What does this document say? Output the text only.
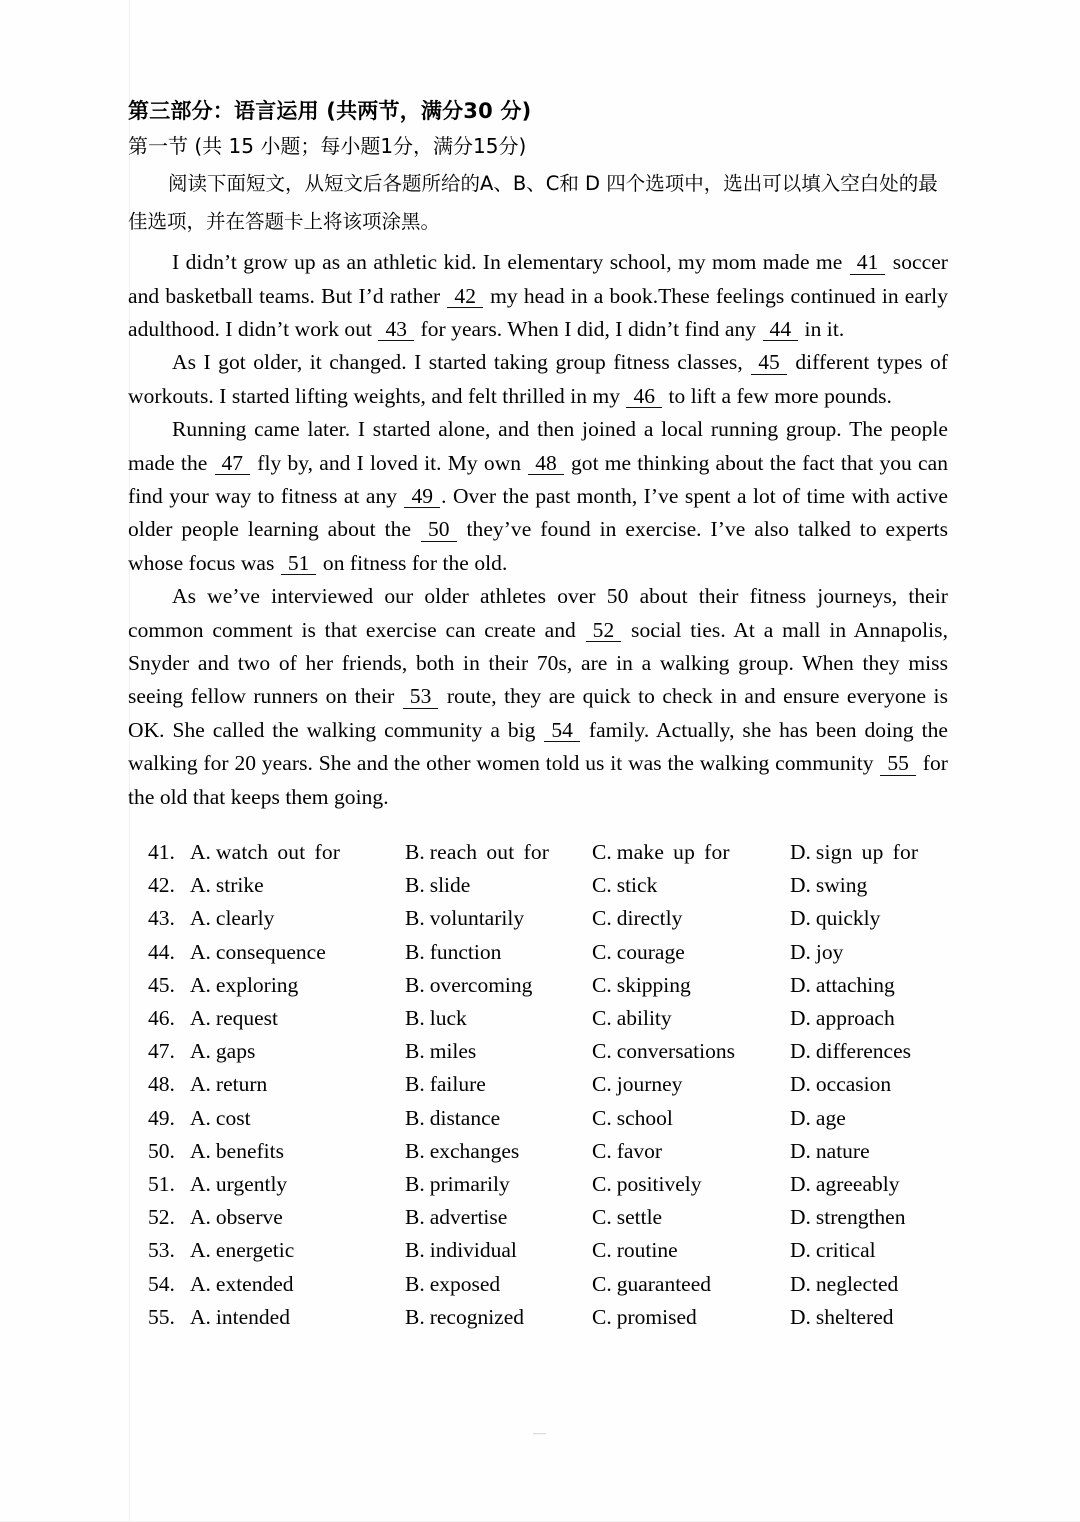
第三部分：语言运用 (共两节，满分30 分)
第一节 (共 15 小题；每小题1分，满分15分)

阅读下面短文，从短文后各题所给的A、B、C和 D 四个选项中，选出可以填入空白处的最

佳选项，并在答题卡上将该项涂黑。

I didn’t grow up as an athletic kid. In elementary school, my mom made me 41 soccer and basketball teams. But I’d rather 42 my head in a book.These feelings continued in early adulthood. I didn’t work out 43 for years. When I did, I didn’t find any 44 in it.

As I got older, it changed. I started taking group fitness classes, 45 different types of workouts. I started lifting weights, and felt thrilled in my 46 to lift a few more pounds.

Running came later. I started alone, and then joined a local running group. The people made the 47 fly by, and I loved it. My own 48 got me thinking about the fact that you can find your way to fitness at any 49 . Over the past month, I’ve spent a lot of time with active older people learning about the 50 they’ve found in exercise. I’ve also talked to experts whose focus was 51 on fitness for the old.

As we’ve interviewed our older athletes over 50 about their fitness journeys, their common comment is that exercise can create and 52 social ties. At a mall in Annapolis, Snyder and two of her friends, both in their 70s, are in a walking group. When they miss seeing fellow runners on their 53 route, they are quick to check in and ensure everyone is OK. She called the walking community a big 54 family. Actually, she has been doing the walking for 20 years. She and the other women told us it was the walking community 55 for the old that keeps them going.

41. A. watch out for	B. reach out for	C. make up for	D. sign up for
42. A. strike	B. slide	C. stick	D. swing
43. A. clearly	B. voluntarily	C. directly	D. quickly
44. A. consequence	B. function	C. courage	D. joy
45. A. exploring	B. overcoming	C. skipping	D. attaching
46. A. request	B. luck	C. ability	D. approach
47. A. gaps	B. miles	C. conversations	D. differences
48. A. return	B. failure	C. journey	D. occasion
49. A. cost	B. distance	C. school	D. age
50. A. benefits	B. exchanges	C. favor	D. nature
51. A. urgently	B. primarily	C. positively	D. agreeably
52. A. observe	B. advertise	C. settle	D. strengthen
53. A. energetic	B. individual	C. routine	D. critical
54. A. extended	B. exposed	C. guaranteed	D. neglected
55. A. intended	B. recognized	C. promised	D. sheltered
—
